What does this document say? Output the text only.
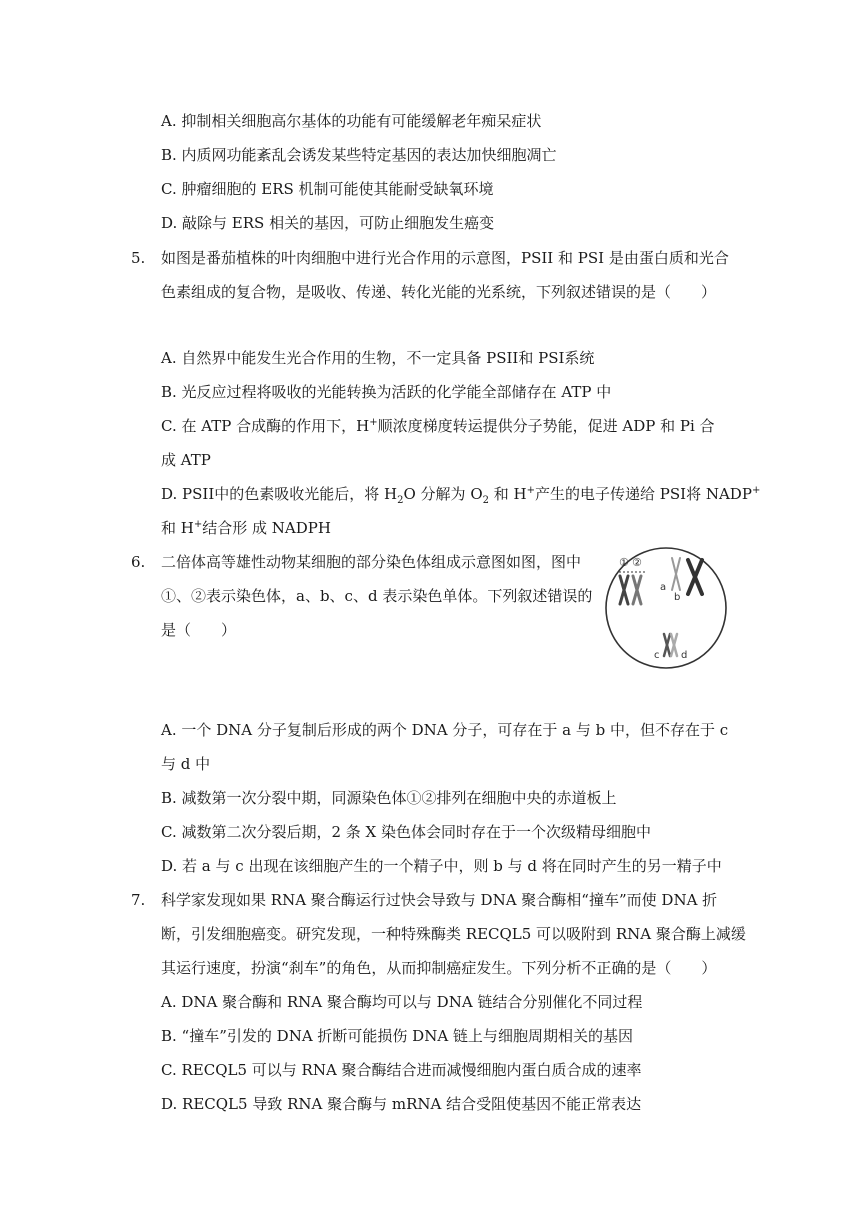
A. 抑制相关细胞高尔基体的功能有可能缓解老年痴呆症状
B. 内质网功能紊乱会诱发某些特定基因的表达加快细胞凋亡
C. 肿瘤细胞的 ERS 机制可能使其能耐受缺氧环境
D. 敲除与 ERS 相关的基因，可防止细胞发生癌变
5. 如图是番茄植株的叶肉细胞中进行光合作用的示意图，PSII 和 PSI 是由蛋白质和光合
色素组成的复合物，是吸收、传递、转化光能的光系统，下列叙述错误的是（　　）
A. 自然界中能发生光合作用的生物，不一定具备 PSII和 PSI系统
B. 光反应过程将吸收的光能转换为活跃的化学能全部储存在 ATP 中
C. 在 ATP 合成酶的作用下，H+顺浓度梯度转运提供分子势能，促进 ADP 和 Pi 合
成 ATP
D. PSII中的色素吸收光能后，将 $H_2O$ 分解为 $O_2$ 和 H+产生的电子传递给 PSI将 NADP+
和 H+结合形 成 NADPH
6. 二倍体高等雄性动物某细胞的部分染色体组成示意图如图，图中
①、②表示染色体，a、b、c、d 表示染色单体。下列叙述错误的
是（　　）
① ②
a
b
c d
A. 一个 DNA 分子复制后形成的两个 DNA 分子，可存在于 a 与 b 中，但不存在于 c
与 d 中
B. 减数第一次分裂中期，同源染色体①②排列在细胞中央的赤道板上
C. 减数第二次分裂后期，2 条 X 染色体会同时存在于一个次级精母细胞中
D. 若 a 与 c 出现在该细胞产生的一个精子中，则 b 与 d 将在同时产生的另一精子中
7. 科学家发现如果 RNA 聚合酶运行过快会导致与 DNA 聚合酶相“撞车”而使 DNA 折
断，引发细胞癌变。研究发现，一种特殊酶类 RECQL5 可以吸附到 RNA 聚合酶上减缓
其运行速度，扮演“刹车”的角色，从而抑制癌症发生。下列分析不正确的是（　　）
A. DNA 聚合酶和 RNA 聚合酶均可以与 DNA 链结合分别催化不同过程
B. “撞车”引发的 DNA 折断可能损伤 DNA 链上与细胞周期相关的基因
C. RECQL5 可以与 RNA 聚合酶结合进而减慢细胞内蛋白质合成的速率
D. RECQL5 导致 RNA 聚合酶与 mRNA 结合受阻使基因不能正常表达
